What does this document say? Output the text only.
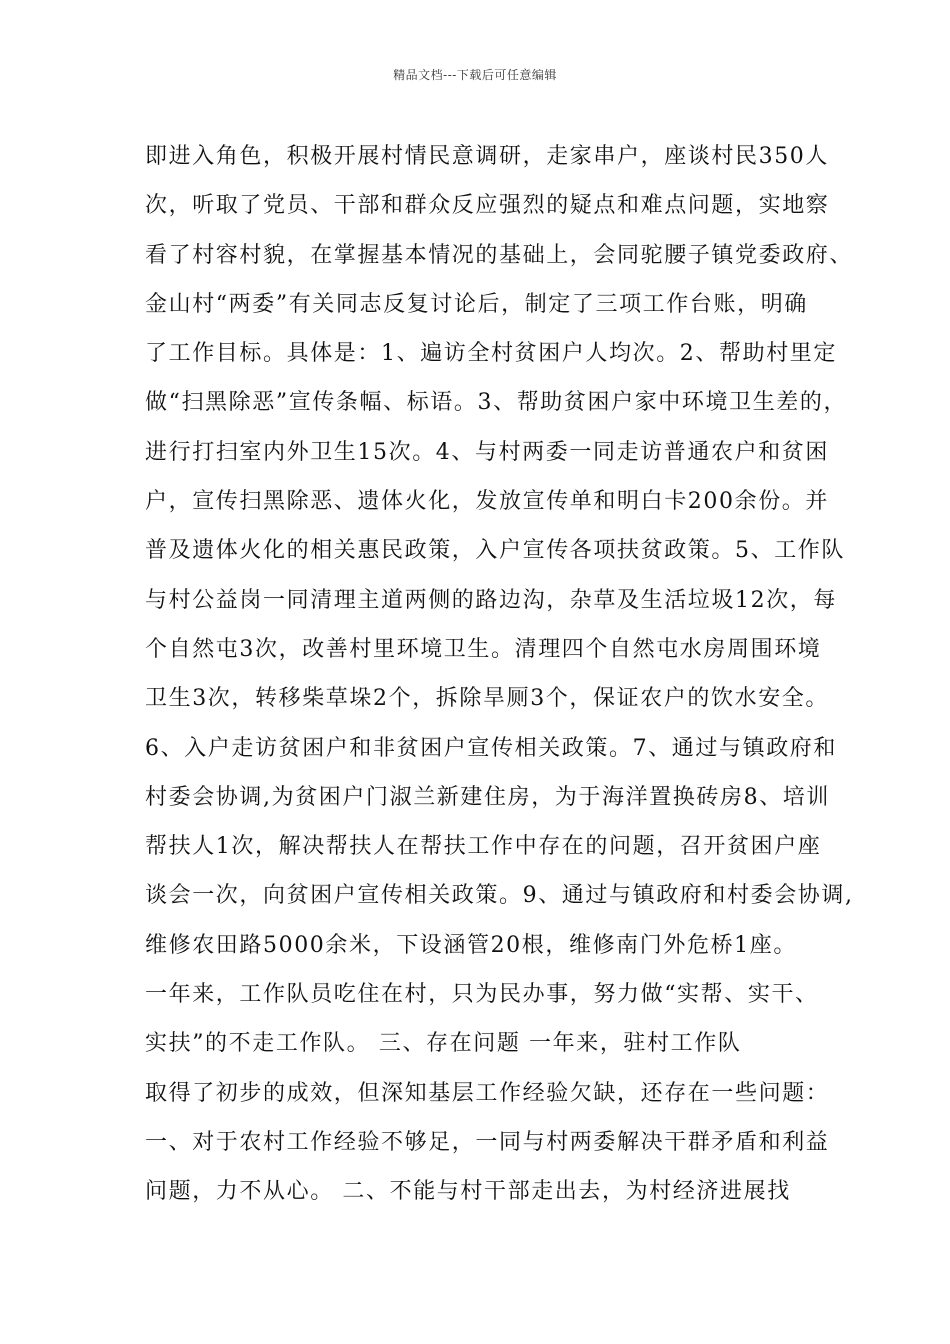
精品文档---下载后可任意编辑
即进入角色，积极开展村情民意调研，走家串户，座谈村民350人
次，听取了党员、干部和群众反应强烈的疑点和难点问题，实地察
看了村容村貌，在掌握基本情况的基础上，会同驼腰子镇党委政府、
金山村“两委”有关同志反复讨论后，制定了三项工作台账，明确
了工作目标。具体是：1、遍访全村贫困户人均次。2、帮助村里定
做“扫黑除恶”宣传条幅、标语。3、帮助贫困户家中环境卫生差的，
进行打扫室内外卫生15次。4、与村两委一同走访普通农户和贫困
户，宣传扫黑除恶、遗体火化，发放宣传单和明白卡200余份。并
普及遗体火化的相关惠民政策，入户宣传各项扶贫政策。5、工作队
与村公益岗一同清理主道两侧的路边沟，杂草及生活垃圾12次，每
个自然屯3次，改善村里环境卫生。清理四个自然屯水房周围环境
卫生3次，转移柴草垛2个，拆除旱厕3个，保证农户的饮水安全。
6、入户走访贫困户和非贫困户宣传相关政策。7、通过与镇政府和
村委会协调,为贫困户门淑兰新建住房，为于海洋置换砖房8、培训
帮扶人1次，解决帮扶人在帮扶工作中存在的问题，召开贫困户座
谈会一次，向贫困户宣传相关政策。9、通过与镇政府和村委会协调,
维修农田路5000余米，下设涵管20根，维修南门外危桥1座。
一年来，工作队员吃住在村，只为民办事，努力做“实帮、实干、
实扶”的不走工作队。 三、存在问题 一年来，驻村工作队
取得了初步的成效，但深知基层工作经验欠缺，还存在一些问题：
一、对于农村工作经验不够足，一同与村两委解决干群矛盾和利益
问题，力不从心。 二、不能与村干部走出去，为村经济进展找
